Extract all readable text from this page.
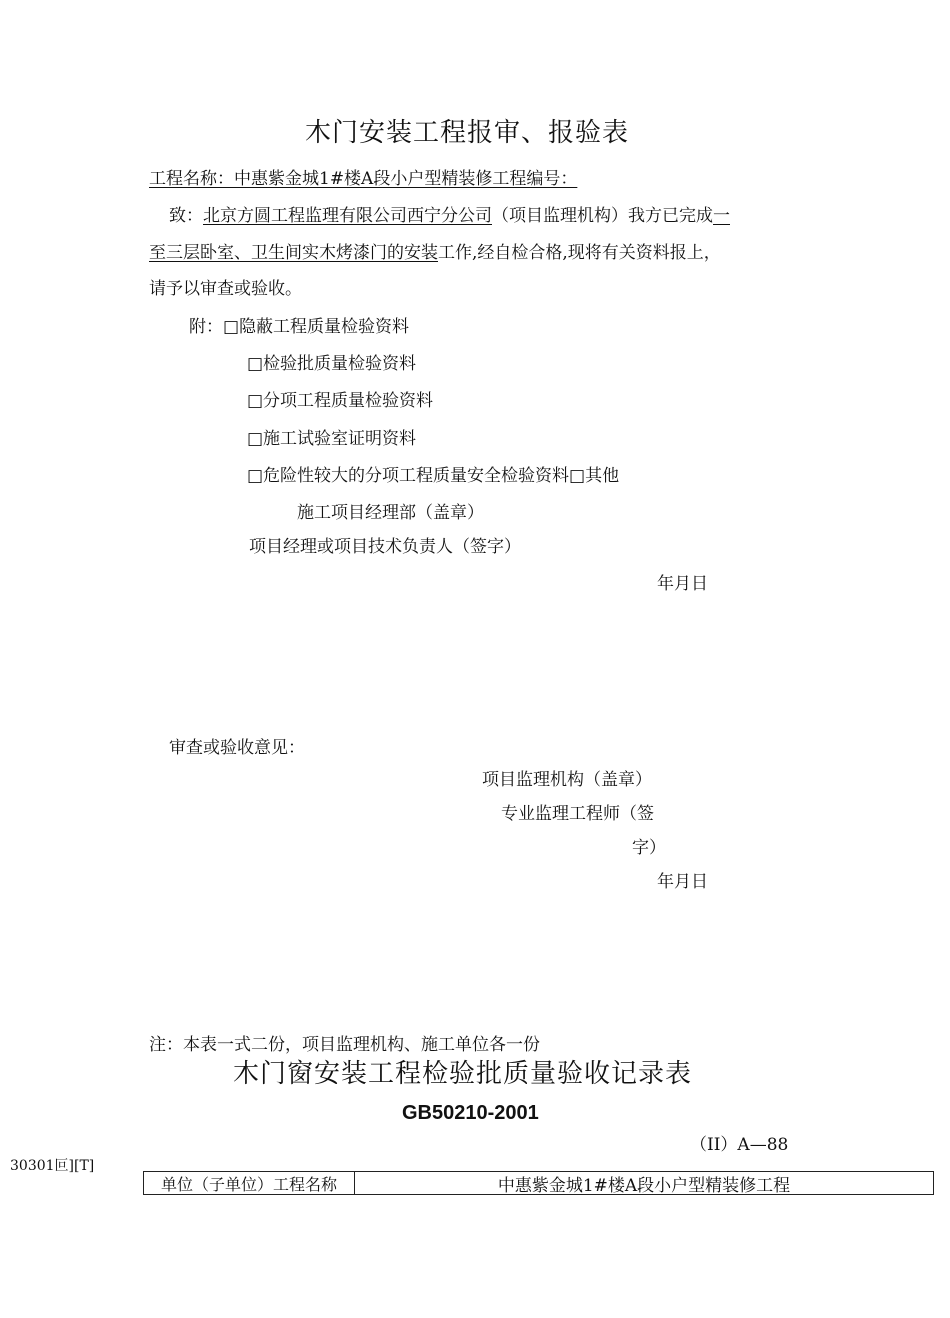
木门安装工程报审、报验表
工程名称：中惠紫金城1#楼A段小户型精装修工程编号：
致：北京方圆工程监理有限公司西宁分公司（项目监理机构）我方已完成一
至三层卧室、卫生间实木烤漆门的安装工作,经自检合格,现将有关资料报上，
请予以审查或验收。
附：□隐蔽工程质量检验资料
□检验批质量检验资料
□分项工程质量检验资料
□施工试验室证明资料
□危险性较大的分项工程质量安全检验资料□其他
施工项目经理部（盖章）
项目经理或项目技术负责人（签字）
年月日
审查或验收意见：
项目监理机构（盖章）
专业监理工程师（签
字）
年月日
注：本表一式二份，项目监理机构、施工单位各一份
木门窗安装工程检验批质量验收记录表
GB50210-2001
（II）A—88
30301叵][T]
单位（子单位）工程名称	中惠紫金城1#楼A段小户型精装修工程
